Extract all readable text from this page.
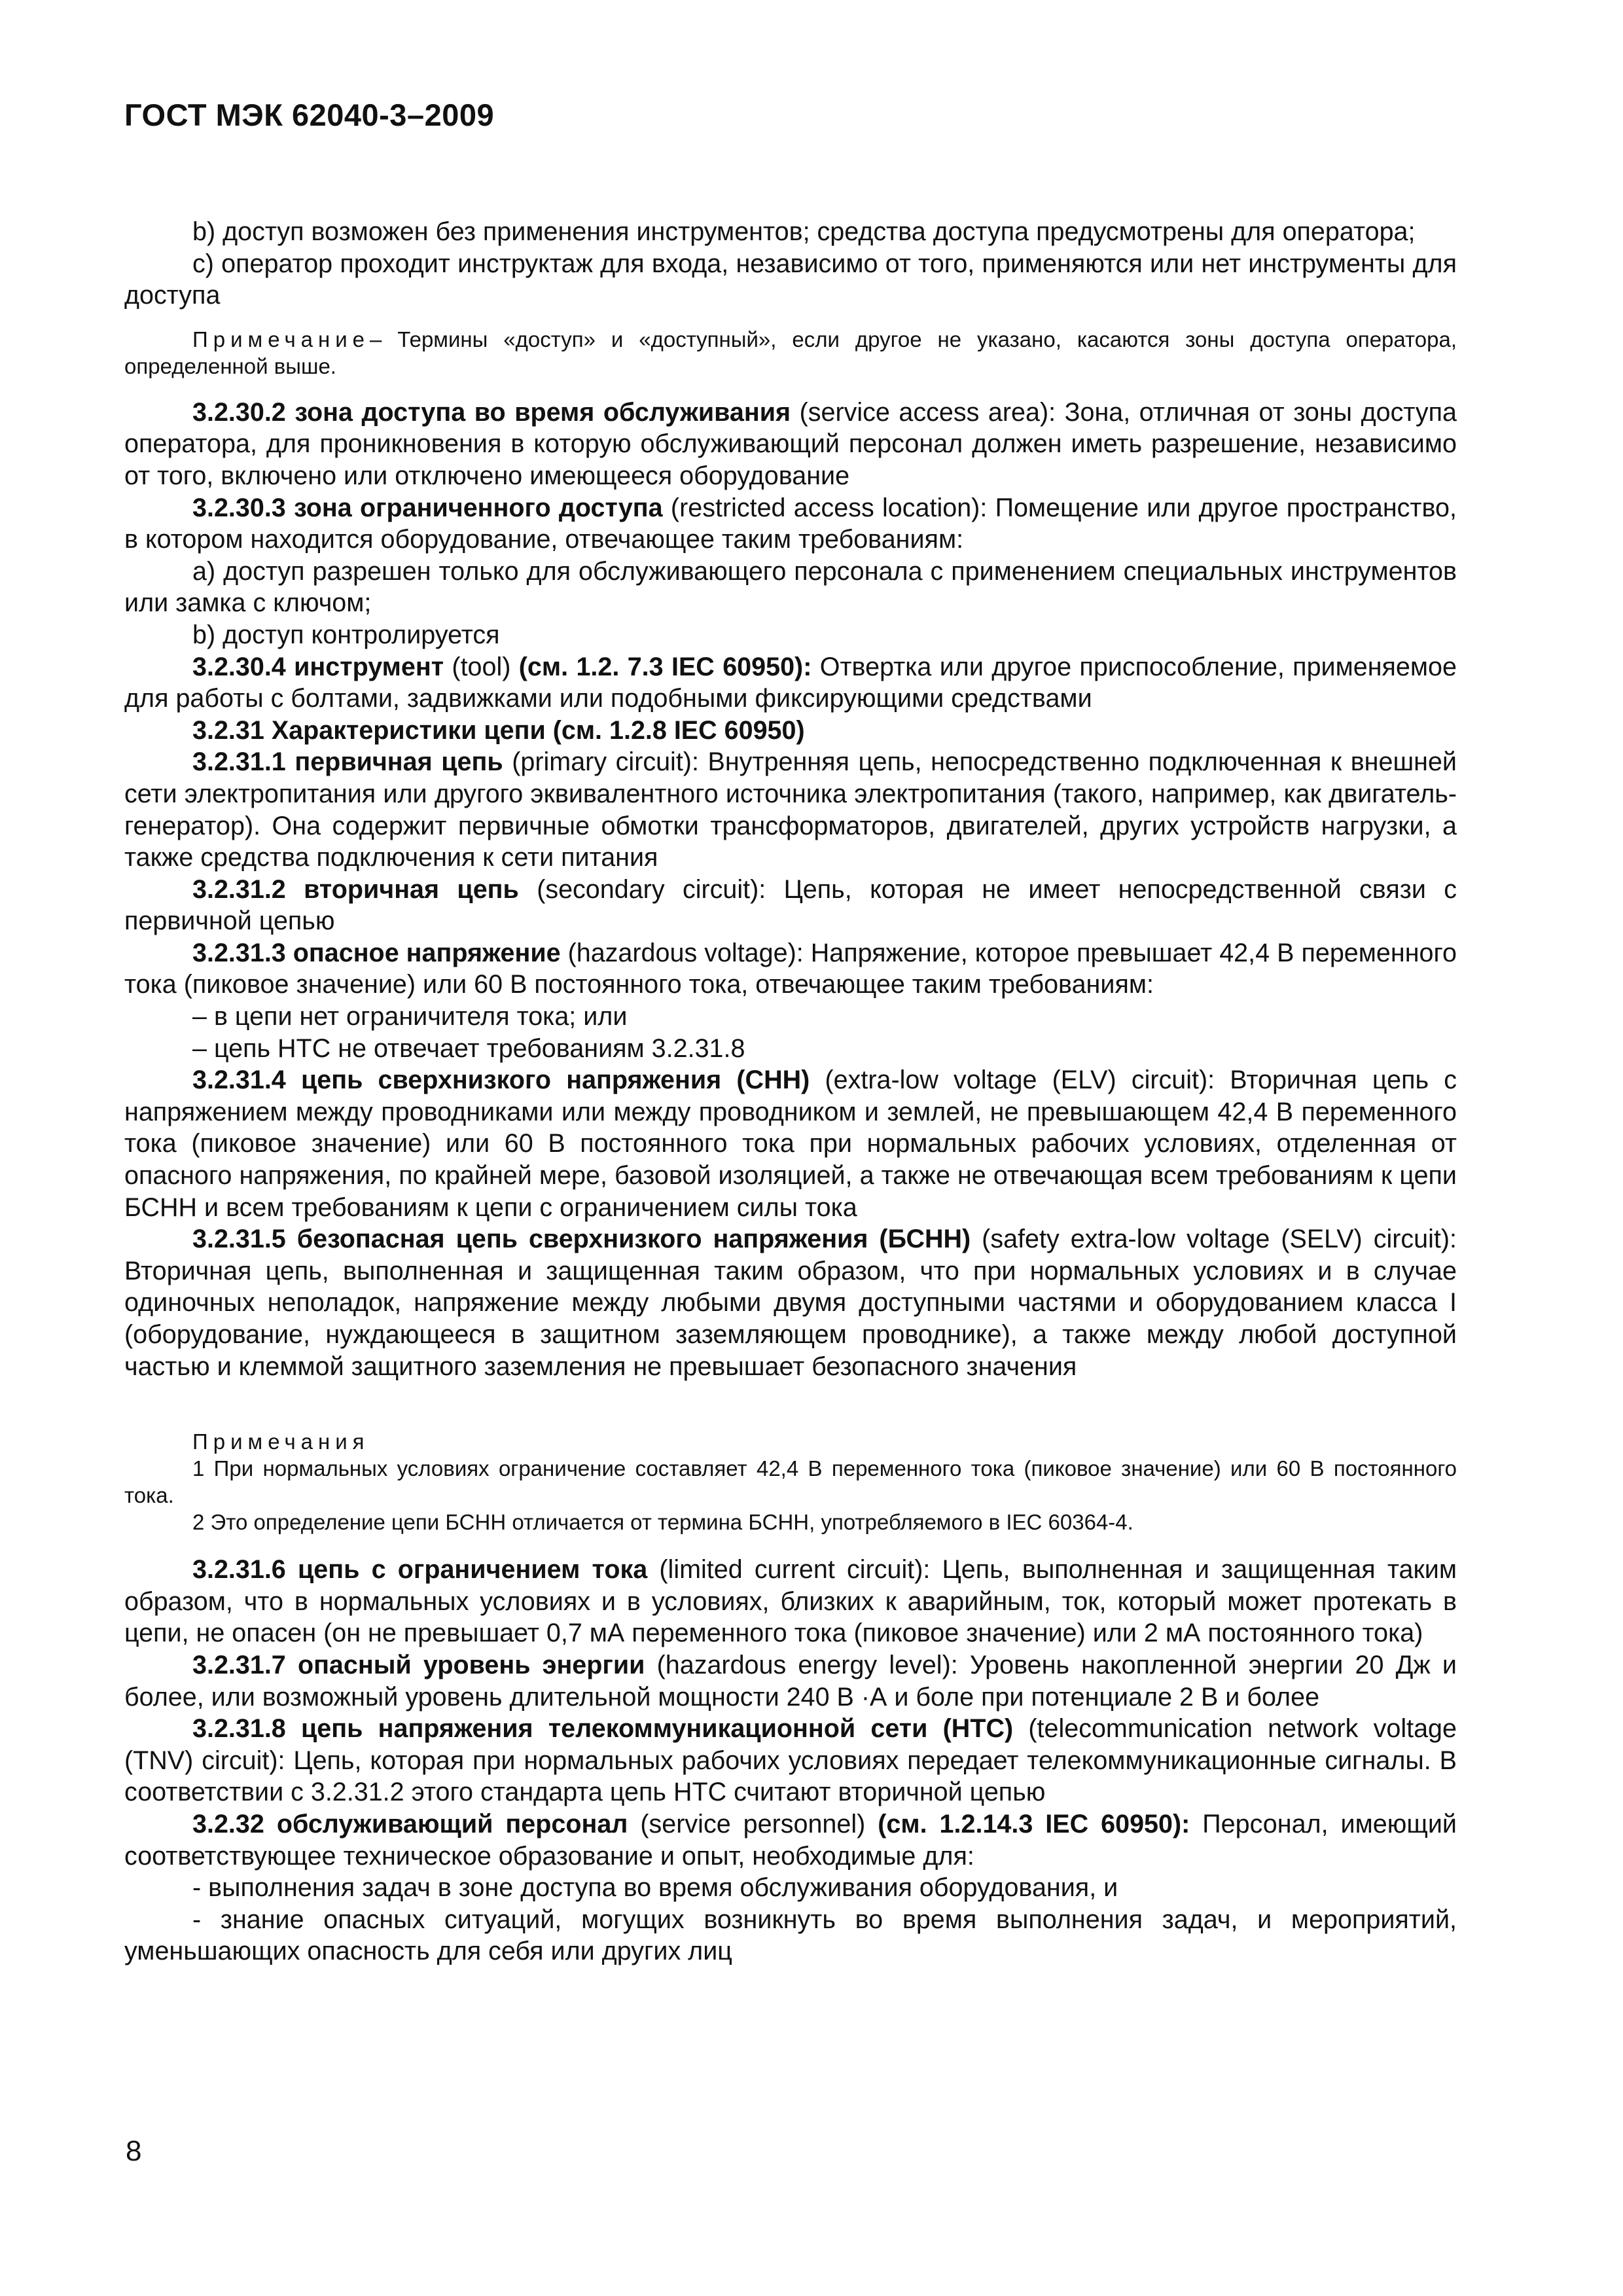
ГОСТ МЭК 62040-3–2009

b) доступ возможен без применения инструментов; средства доступа предусмотрены для оператора;

c) оператор проходит инструктаж для входа, независимо от того, применяются или нет инструменты для доступа

Примечание– Термины «доступ» и «доступный», если другое не указано, касаются зоны доступа оператора, определенной выше.

3.2.30.2 зона доступа во время обслуживания (service access area): Зона, отличная от зоны доступа оператора, для проникновения в которую обслуживающий персонал должен иметь разрешение, независимо от того, включено или отключено имеющееся оборудование

3.2.30.3 зона ограниченного доступа (restricted access location): Помещение или другое пространство, в котором находится оборудование, отвечающее таким требованиям:

a) доступ разрешен только для обслуживающего персонала с применением специальных инструментов или замка с ключом;

b) доступ контролируется

3.2.30.4 инструмент (tool) (см. 1.2. 7.3 IEC 60950): Отвертка или другое приспособление, применяемое для работы с болтами, задвижками или подобными фиксирующими средствами

3.2.31 Характеристики цепи (см. 1.2.8 IEC 60950)

3.2.31.1 первичная цепь (primary circuit): Внутренняя цепь, непосредственно подключенная к внешней сети электропитания или другого эквивалентного источника электропитания (такого, например, как двигатель-генератор). Она содержит первичные обмотки трансформаторов, двигателей, других устройств нагрузки, а также средства подключения к сети питания

3.2.31.2 вторичная цепь (secondary circuit): Цепь, которая не имеет непосредственной связи с первичной цепью

3.2.31.3 опасное напряжение (hazardous voltage): Напряжение, которое превышает 42,4 В переменного тока (пиковое значение) или 60 В постоянного тока, отвечающее таким требованиям:

– в цепи нет ограничителя тока; или

– цепь НТС не отвечает требованиям 3.2.31.8

3.2.31.4 цепь сверхнизкого напряжения (СНН) (extra-low voltage (ELV) circuit): Вторичная цепь с напряжением между проводниками или между проводником и землей, не превышающем 42,4 В переменного тока (пиковое значение) или 60 В постоянного тока при нормальных рабочих условиях, отделенная от опасного напряжения, по крайней мере, базовой изоляцией, а также не отвечающая всем требованиям к цепи БСНН и всем требованиям к цепи с ограничением силы тока

3.2.31.5 безопасная цепь сверхнизкого напряжения (БСНН) (safety extra-low voltage (SELV) circuit): Вторичная цепь, выполненная и защищенная таким образом, что при нормальных условиях и в случае одиночных неполадок, напряжение между любыми двумя доступными частями и оборудованием класса I (оборудование, нуждающееся в защитном заземляющем проводнике), а также между любой доступной частью и клеммой защитного заземления не превышает безопасного значения

Примечания

1 При нормальных условиях ограничение составляет 42,4 В переменного тока (пиковое значение) или 60 В постоянного тока.

2 Это определение цепи БСНН отличается от термина БСНН, употребляемого в IEC 60364-4.

3.2.31.6 цепь с ограничением тока (limited current circuit): Цепь, выполненная и защищенная таким образом, что в нормальных условиях и в условиях, близких к аварийным, ток, который может протекать в цепи, не опасен (он не превышает 0,7 мА переменного тока (пиковое значение) или 2 мА постоянного тока)

3.2.31.7 опасный уровень энергии (hazardous energy level): Уровень накопленной энергии 20 Дж и более, или возможный уровень длительной мощности 240 В ·А и боле при потенциале 2 В и более

3.2.31.8 цепь напряжения телекоммуникационной сети (НТС) (telecommunication network voltage (TNV) circuit): Цепь, которая при нормальных рабочих условиях передает телекоммуникационные сигналы. В соответствии с 3.2.31.2 этого стандарта цепь НТС считают вторичной цепью

3.2.32 обслуживающий персонал (service personnel) (см. 1.2.14.3 IEC 60950): Персонал, имеющий соответствующее техническое образование и опыт, необходимые для:

- выполнения задач в зоне доступа во время обслуживания оборудования, и

- знание опасных ситуаций, могущих возникнуть во время выполнения задач, и мероприятий, уменьшающих опасность для себя или других лиц

8
